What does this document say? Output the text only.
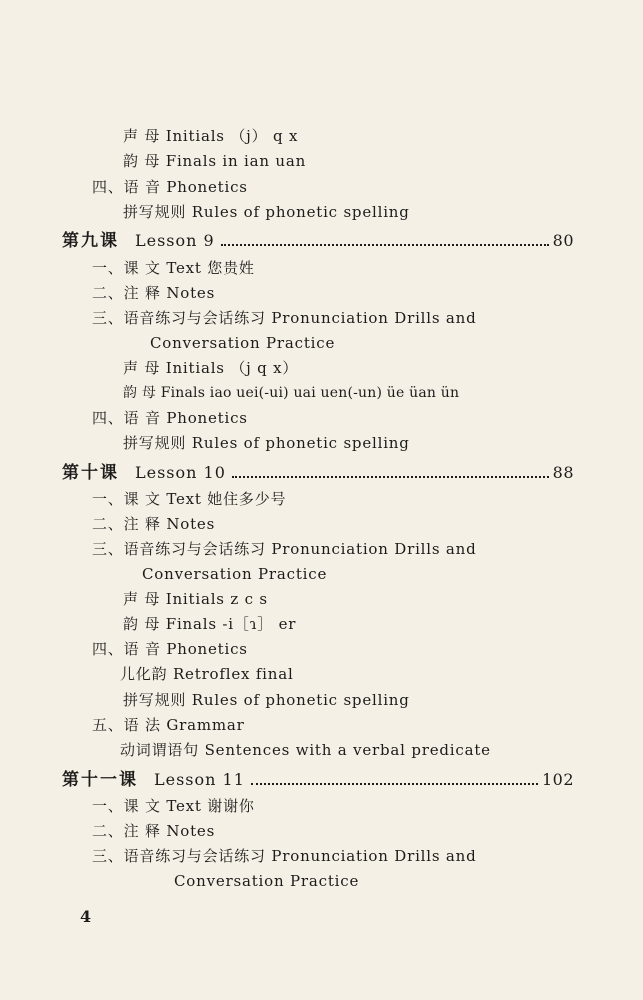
声 母 Initials （j） q x
韵 母 Finals in ian uan
四、语 音 Phonetics
拼写规则 Rules of phonetic spelling
第九课 Lesson 9	80
一、课 文 Text 您贵姓
二、注 释 Notes
三、语音练习与会话练习 Pronunciation Drills and
Conversation Practice
声 母 Initials （j q x）
韵 母 Finals iao uei(-ui) uai uen(-un) üe üan ün
四、语 音 Phonetics
拼写规则 Rules of phonetic spelling
第十课 Lesson 10	88
一、课 文 Text 她住多少号
二、注 释 Notes
三、语音练习与会话练习 Pronunciation Drills and
Conversation Practice
声 母 Initials z c s
韵 母 Finals -i［ɿ］ er
四、语 音 Phonetics
儿化韵 Retroflex final
拼写规则 Rules of phonetic spelling
五、语 法 Grammar
动词谓语句 Sentences with a verbal predicate
第十一课 Lesson 11	102
一、课 文 Text 谢谢你
二、注 释 Notes
三、语音练习与会话练习 Pronunciation Drills and
Conversation Practice
4
